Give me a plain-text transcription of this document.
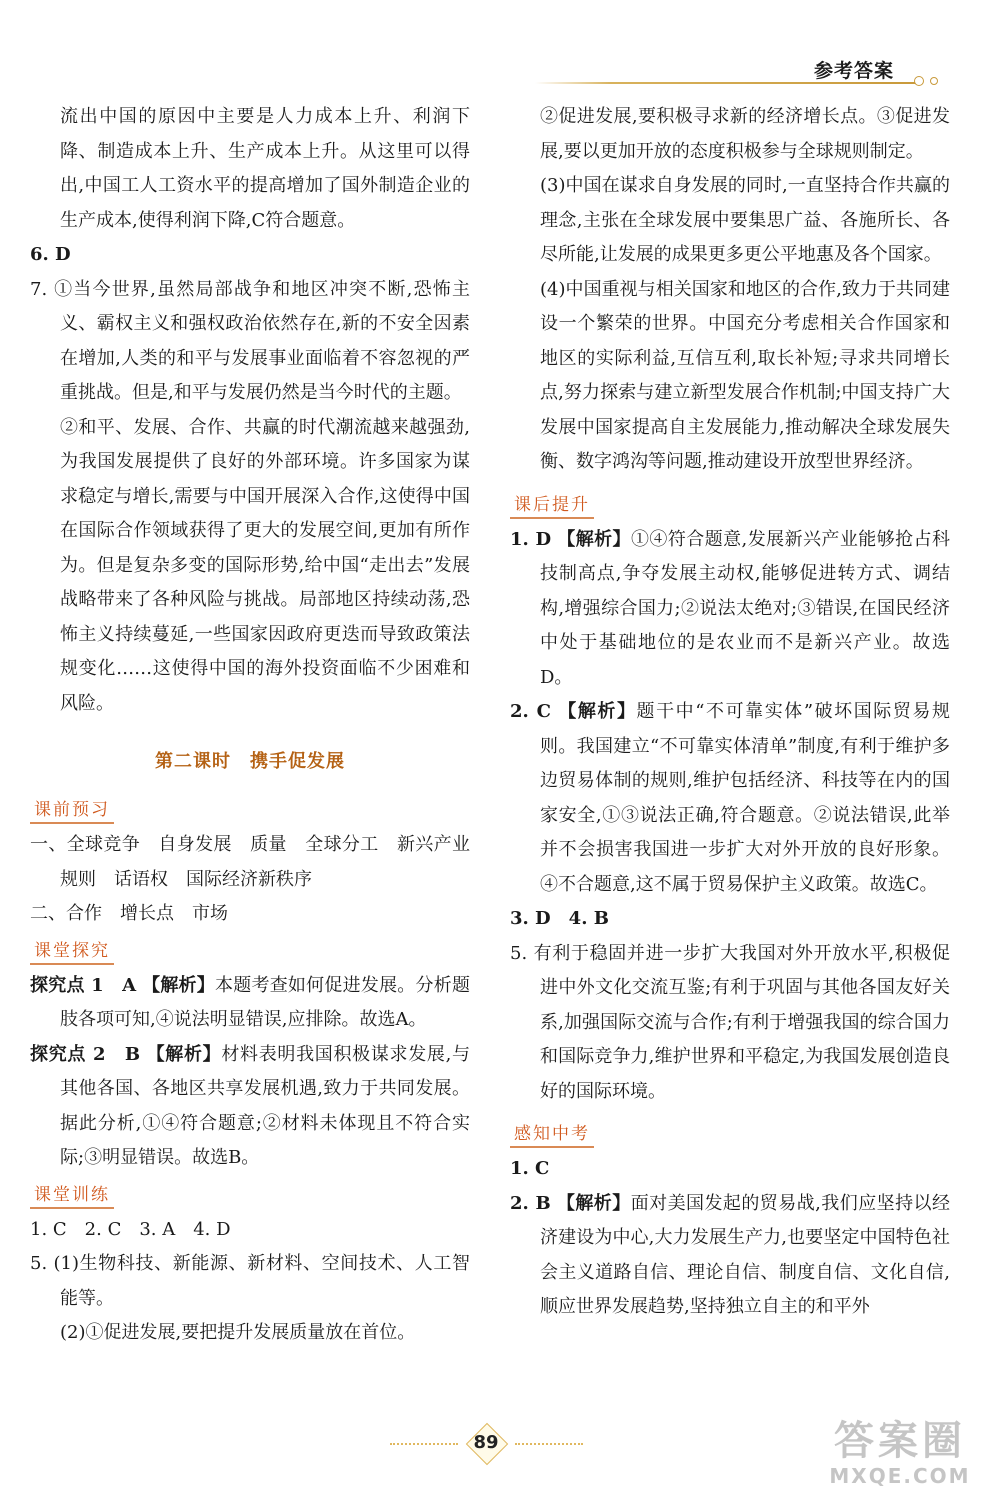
参考答案

流出中国的原因中主要是人力成本上升、利润下降、制造成本上升、生产成本上升。从这里可以得出,中国工人工资水平的提高增加了国外制造企业的生产成本,使得利润下降,C符合题意。

6. D

7. ①当今世界,虽然局部战争和地区冲突不断,恐怖主义、霸权主义和强权政治依然存在,新的不安全因素在增加,人类的和平与发展事业面临着不容忽视的严重挑战。但是,和平与发展仍然是当今时代的主题。

②和平、发展、合作、共赢的时代潮流越来越强劲,为我国发展提供了良好的外部环境。许多国家为谋求稳定与增长,需要与中国开展深入合作,这使得中国在国际合作领域获得了更大的发展空间,更加有所作为。但是复杂多变的国际形势,给中国“走出去”发展战略带来了各种风险与挑战。局部地区持续动荡,恐怖主义持续蔓延,一些国家因政府更迭而导致政策法规变化……这使得中国的海外投资面临不少困难和风险。

第二课时　携手促发展
课前预习

一、全球竞争　自身发展　质量　全球分工　新兴产业　规则　话语权　国际经济新秩序

二、合作　增长点　市场

课堂探究

探究点 1　A 【解析】本题考查如何促进发展。分析题肢各项可知,④说法明显错误,应排除。故选A。

探究点 2　B 【解析】材料表明我国积极谋求发展,与其他各国、各地区共享发展机遇,致力于共同发展。据此分析,①④符合题意;②材料未体现且不符合实际;③明显错误。故选B。

课堂训练

1. C　2. C　3. A　4. D

5. (1)生物科技、新能源、新材料、空间技术、人工智能等。

(2)①促进发展,要把提升发展质量放在首位。

②促进发展,要积极寻求新的经济增长点。③促进发展,要以更加开放的态度积极参与全球规则制定。

(3)中国在谋求自身发展的同时,一直坚持合作共赢的理念,主张在全球发展中要集思广益、各施所长、各尽所能,让发展的成果更多更公平地惠及各个国家。

(4)中国重视与相关国家和地区的合作,致力于共同建设一个繁荣的世界。中国充分考虑相关合作国家和地区的实际利益,互信互利,取长补短;寻求共同增长点,努力探索与建立新型发展合作机制;中国支持广大发展中国家提高自主发展能力,推动解决全球发展失衡、数字鸿沟等问题,推动建设开放型世界经济。

课后提升

1. D 【解析】①④符合题意,发展新兴产业能够抢占科技制高点,争夺发展主动权,能够促进转方式、调结构,增强综合国力;②说法太绝对;③错误,在国民经济中处于基础地位的是农业而不是新兴产业。故选D。

2. C 【解析】题干中“不可靠实体”破坏国际贸易规则。我国建立“不可靠实体清单”制度,有利于维护多边贸易体制的规则,维护包括经济、科技等在内的国家安全,①③说法正确,符合题意。②说法错误,此举并不会损害我国进一步扩大对外开放的良好形象。④不合题意,这不属于贸易保护主义政策。故选C。

3. D　4. B

5. 有利于稳固并进一步扩大我国对外开放水平,积极促进中外文化交流互鉴;有利于巩固与其他各国友好关系,加强国际交流与合作;有利于增强我国的综合国力和国际竞争力,维护世界和平稳定,为我国发展创造良好的国际环境。

感知中考

1. C

2. B 【解析】面对美国发起的贸易战,我们应坚持以经济建设为中心,大力发展生产力,也要坚定中国特色社会主义道路自信、理论自信、制度自信、文化自信,顺应世界发展趋势,坚持独立自主的和平外

89	答案圈
MXQE.COM
